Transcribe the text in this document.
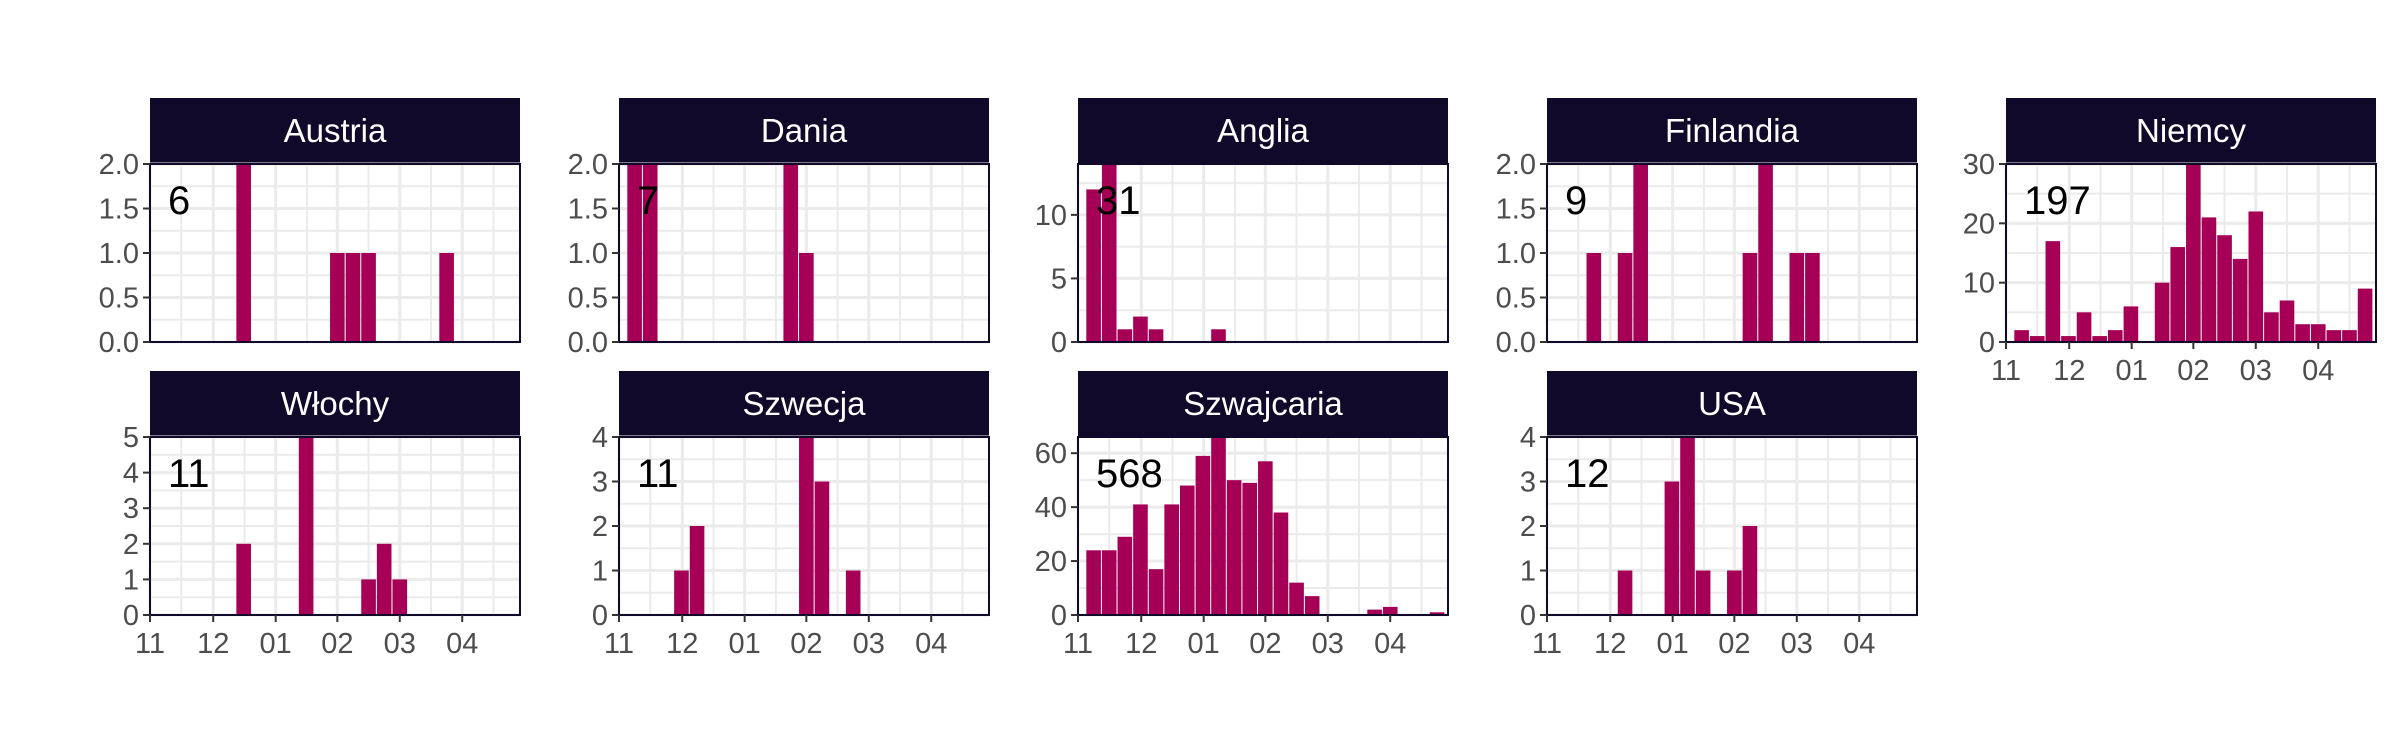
Austria
0.0
0.5
1.0
1.5
2.0
6
Dania
0.0
0.5
1.0
1.5
2.0
7
Anglia
0
5
10 31
Finlandia
0.0
0.5
1.0
1.5
2.0
9
Niemcy
0
10
20
30
11 12 01 02 03 04
197
Włochy
0
1
2
3
4
5
11 12 01 02 03 04
11
Szwecja
0
1
2
3
4
11 12 01 02 03 04
11
Szwajcaria
0
20
40
60
11 12 01 02 03 04
568
USA
0
1
2
3
4
11 12 01 02 03 04
12
